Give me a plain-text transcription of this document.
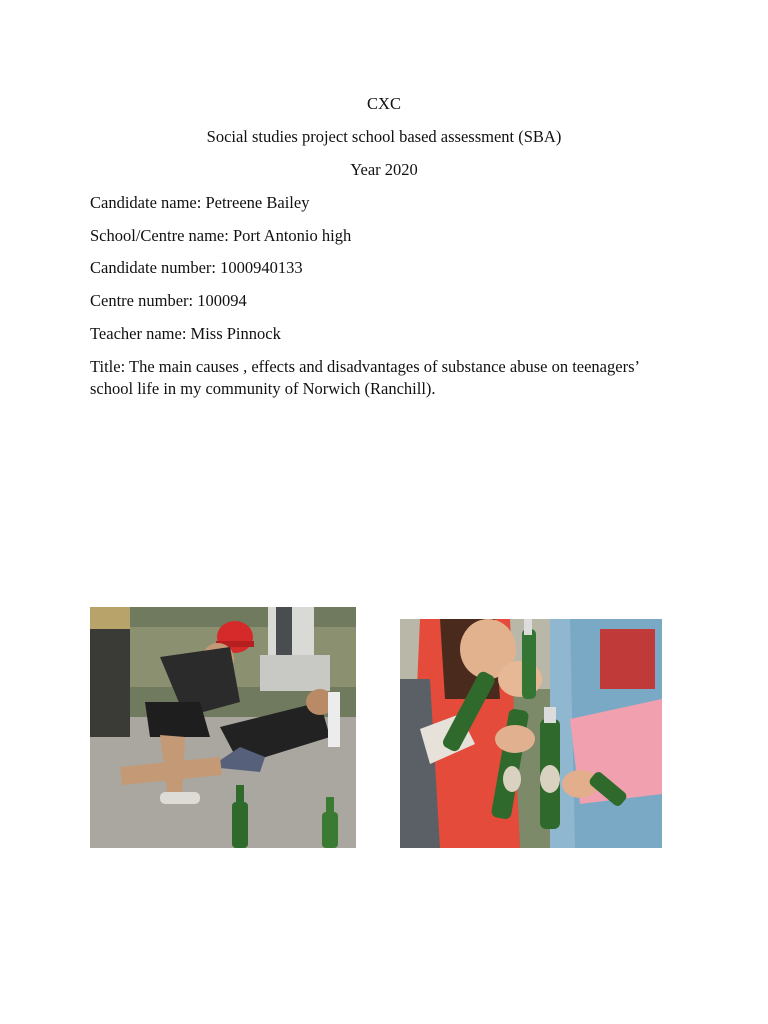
CXC
Social studies project school based assessment (SBA)
Year 2020
Candidate name: Petreene Bailey
School/Centre name: Port Antonio high
Candidate number: 1000940133
Centre number: 100094
Teacher name: Miss Pinnock
Title: The main causes , effects and disadvantages of substance abuse on teenagers’
school life in my community of Norwich (Ranchill).
